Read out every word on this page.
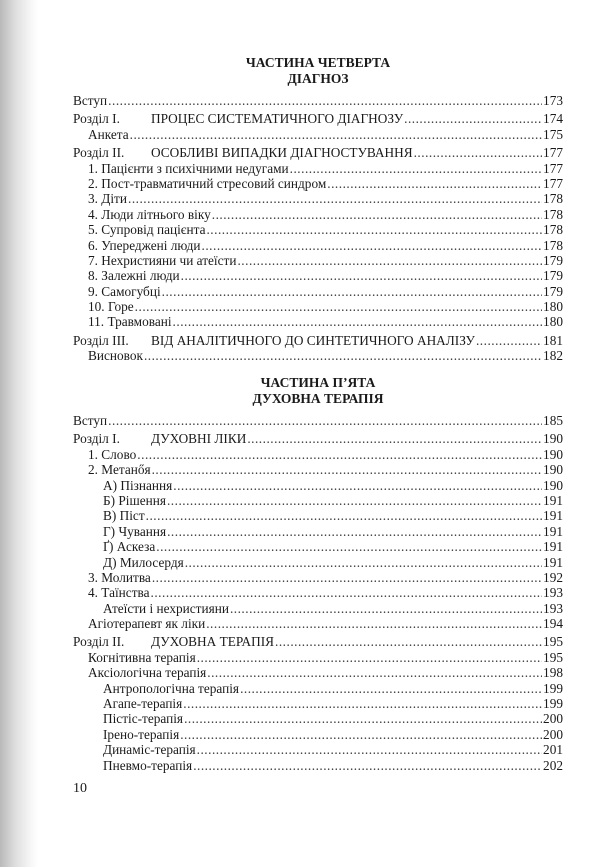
ЧАСТИНА ЧЕТВЕРТА
ДІАГНОЗ
Вступ .....	173
Розділ I. ПРОЦЕС СИСТЕМАТИЧНОГО ДІАГНОЗУ .....	174
Анкета .....	175
Розділ II. ОСОБЛИВІ ВИПАДКИ ДІАГНОСТУВАННЯ .....	177
1. Пацієнти з психічними недугами .....	177
2. Пост-травматичний стресовий синдром .....	177
3. Діти .....	178
4. Люди літнього віку .....	178
5. Супровід пацієнта .....	178
6. Упереджені люди .....	178
7. Нехристияни чи атеїсти .....	179
8. Залежні люди .....	179
9. Самогубці .....	179
10. Горе .....	180
11. Травмовані .....	180
Розділ III. ВІД АНАЛІТИЧНОГО ДО СИНТЕТИЧНОГО АНАЛІЗУ .....	181
Висновок .....	182
ЧАСТИНА П’ЯТА
ДУХОВНА ТЕРАПІЯ
Вступ .....	185
Розділ I. ДУХОВНІ ЛІКИ .....	190
1. Слово .....	190
2. Метанőя .....	190
А) Пізнання .....	190
Б) Рішення .....	191
В) Піст .....	191
Г) Чування .....	191
Ґ) Аскеза .....	191
Д) Милосердя .....	191
3. Молитва .....	192
4. Таїнства .....	193
Атеїсти і нехристияни .....	193
Агіотерапевт як ліки .....	194
Розділ II. ДУХОВНА ТЕРАПІЯ .....	195
Когнітивна терапія .....	195
Аксіологічна терапія .....	198
Антропологічна терапія .....	199
Агапе-терапія .....	199
Пістіс-терапія .....	200
Ірено-терапія .....	200
Динаміс-терапія .....	201
Пневмо-терапія .....	202
10
